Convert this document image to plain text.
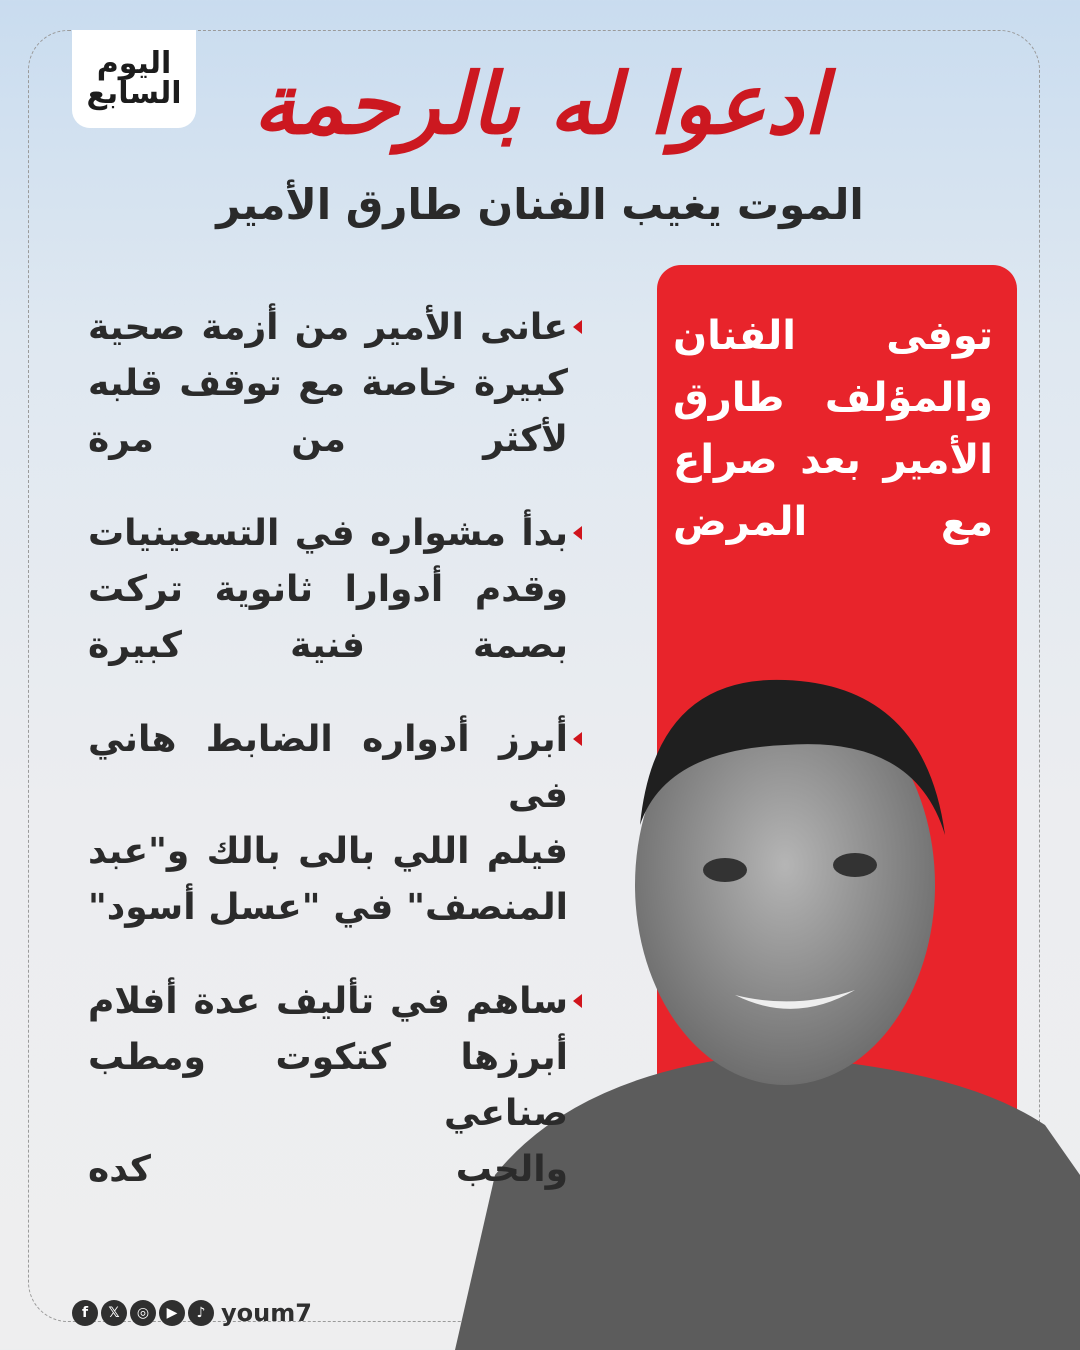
اليوم
السابع ادعوا له بالرحمة
الموت يغيب الفنان طارق الأمير
توفى الفنان
والمؤلف طارق
الأمير بعد صراع
مع المرض
عانى الأمير من أزمة صحية
كبيرة خاصة مع توقف قلبه
لأكثر من مرة
بدأ مشواره في التسعينيات
وقدم أدوارا ثانوية تركت
بصمة فنية كبيرة
أبرز أدواره الضابط هاني فى
فيلم اللي بالى بالك و"عبد
المنصف" في "عسل أسود"
ساهم في تأليف عدة أفلام
أبرزها كتكوت ومطب صناعي
والحب كده
f	𝕏	◎	▶	♪ youm7
